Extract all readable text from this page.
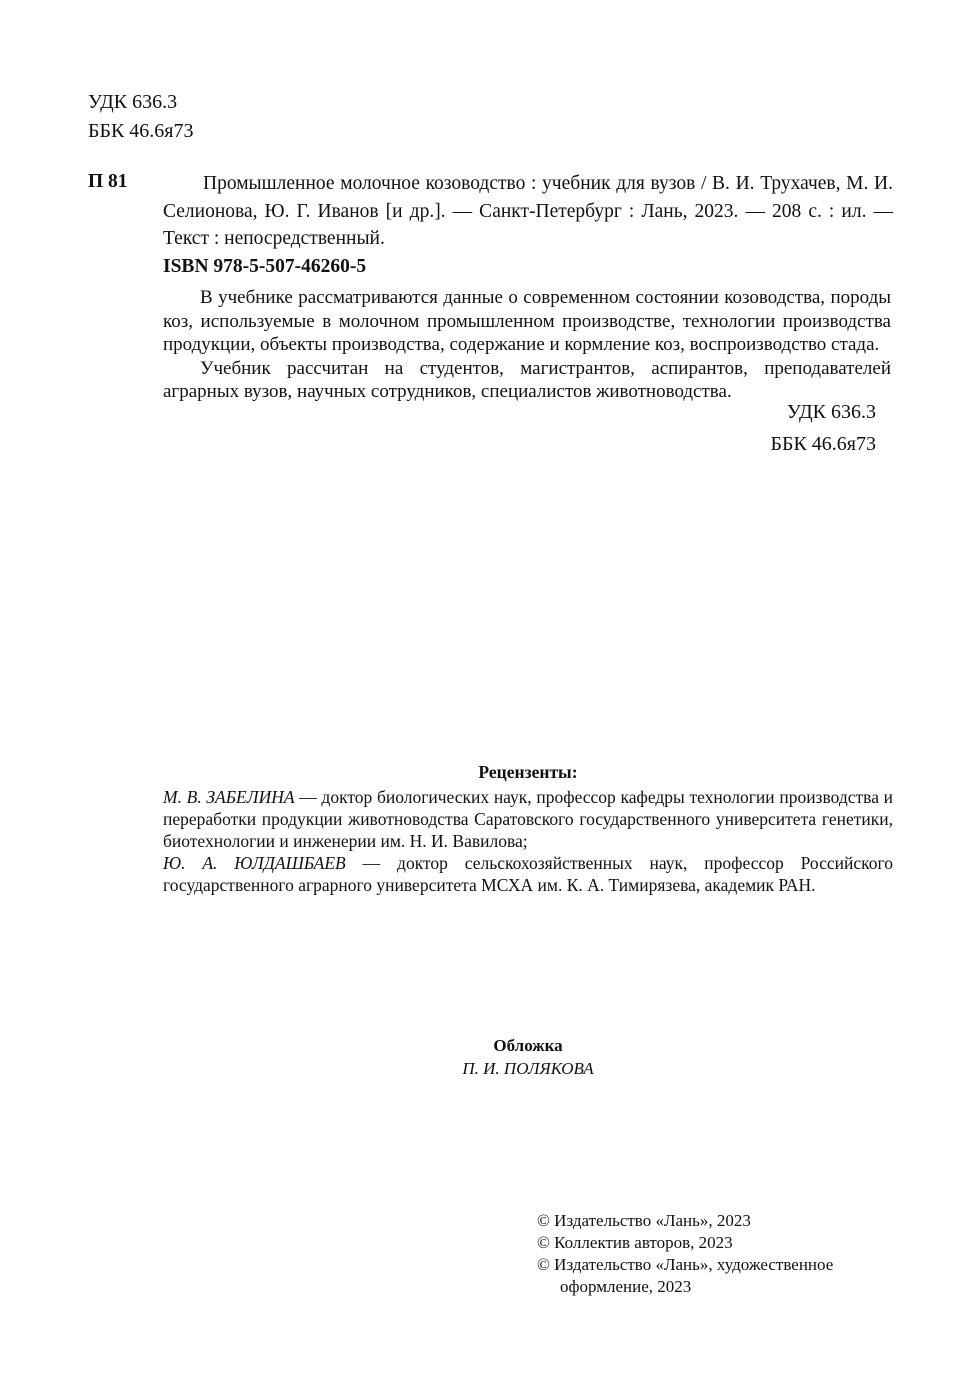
УДК 636.3
ББК 46.6я73
П 81	Промышленное молочное козоводство : учебник для вузов / В. И. Трухачев, М. И. Селионова, Ю. Г. Иванов [и др.]. — Санкт-Петербург : Лань, 2023. — 208 с. : ил. — Текст : непосредственный.

ISBN 978-5-507-46260-5

В учебнике рассматриваются данные о современном состоянии козоводства, породы коз, используемые в молочном промышленном производстве, технологии производства продукции, объекты производства, содержание и кормление коз, воспроизводство стада.

Учебник рассчитан на студентов, магистрантов, аспирантов, преподавателей аграрных вузов, научных сотрудников, специалистов животноводства.

УДК 636.3
ББК 46.6я73
Рецензенты:

М. В. ЗАБЕЛИНА — доктор биологических наук, профессор кафедры технологии производства и переработки продукции животноводства Саратовского государственного университета генетики, биотехнологии и инженерии им. Н. И. Вавилова;

Ю. А. ЮЛДАШБАЕВ — доктор сельскохозяйственных наук, профессор Российского государственного аграрного университета МСХА им. К. А. Тимирязева, академик РАН.

Обложка
П. И. ПОЛЯКОВА

© Издательство «Лань», 2023

© Коллектив авторов, 2023

© Издательство «Лань», художественное оформление, 2023
